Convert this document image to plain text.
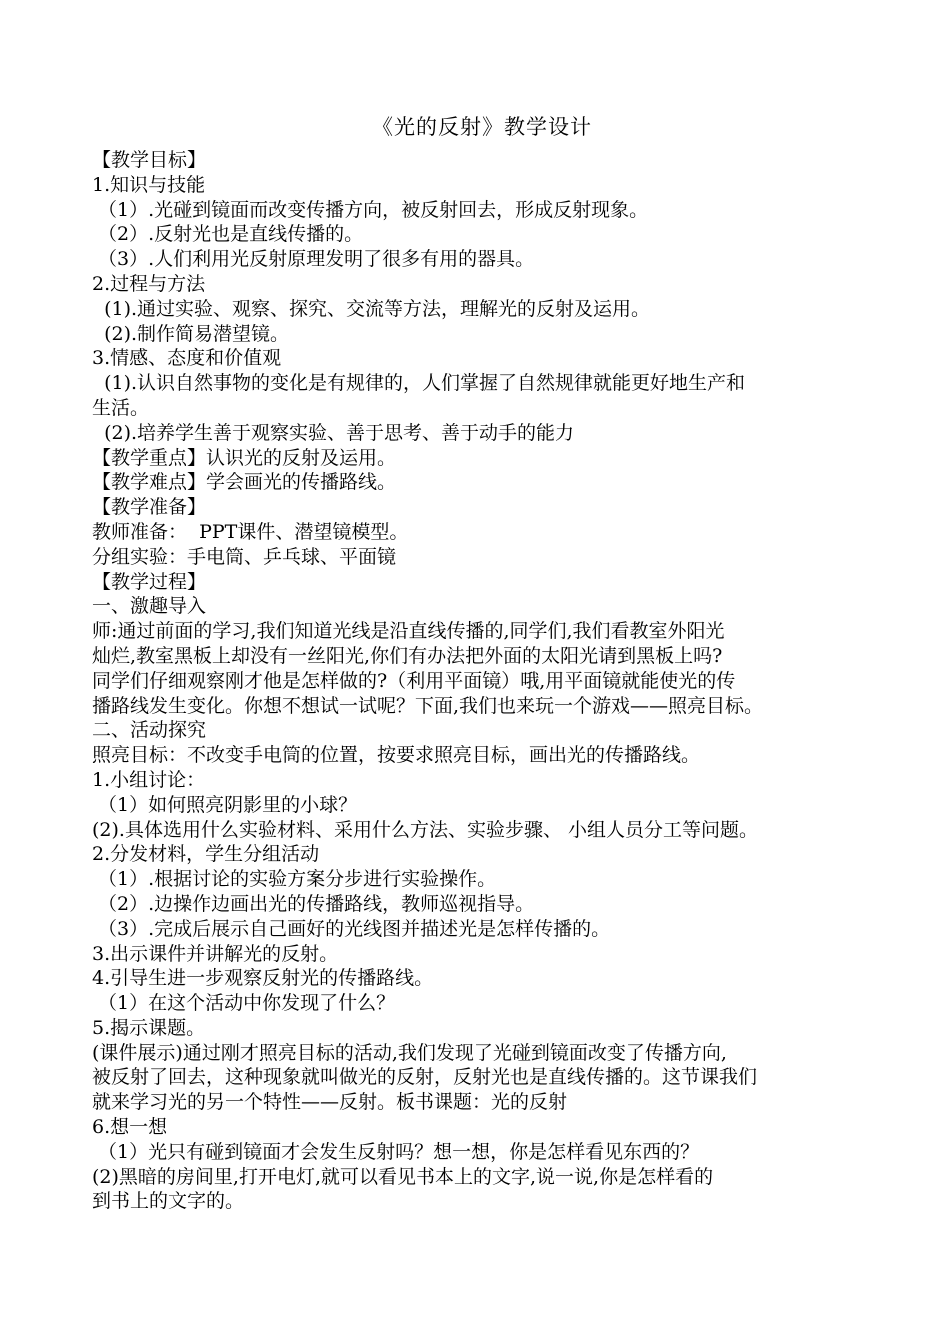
《光的反射》教学设计
【教学目标】
1.知识与技能
（1）.光碰到镜面而改变传播方向，被反射回去，形成反射现象。
（2）.反射光也是直线传播的。
（3）.人们利用光反射原理发明了很多有用的器具。
2.过程与方法
(1).通过实验、观察、探究、交流等方法，理解光的反射及运用。
(2).制作简易潜望镜。
3.情感、态度和价值观
(1).认识自然事物的变化是有规律的，人们掌握了自然规律就能更好地生产和
生活。
(2).培养学生善于观察实验、善于思考、善于动手的能力
【教学重点】认识光的反射及运用。
【教学难点】学会画光的传播路线。
【教学准备】
教师准备：  PPT课件、潜望镜模型。
分组实验：手电筒、乒乓球、平面镜
【教学过程】
一、激趣导入
师:通过前面的学习,我们知道光线是沿直线传播的,同学们,我们看教室外阳光
灿烂,教室黑板上却没有一丝阳光,你们有办法把外面的太阳光请到黑板上吗?
同学们仔细观察刚才他是怎样做的?（利用平面镜）哦,用平面镜就能使光的传
播路线发生变化。你想不想试一试呢？下面,我们也来玩一个游戏——照亮目标。
二、活动探究
照亮目标：不改变手电筒的位置，按要求照亮目标，画出光的传播路线。
1.小组讨论：
（1）如何照亮阴影里的小球？
(2).具体选用什么实验材料、采用什么方法、实验步骤、 小组人员分工等问题。
2.分发材料，学生分组活动
（1）.根据讨论的实验方案分步进行实验操作。
（2）.边操作边画出光的传播路线，教师巡视指导。
（3）.完成后展示自己画好的光线图并描述光是怎样传播的。
3.出示课件并讲解光的反射。
4.引导生进一步观察反射光的传播路线。
（1）在这个活动中你发现了什么？
5.揭示课题。
(课件展示)通过刚才照亮目标的活动,我们发现了光碰到镜面改变了传播方向,
被反射了回去，这种现象就叫做光的反射，反射光也是直线传播的。这节课我们
就来学习光的另一个特性——反射。板书课题：光的反射
6.想一想
（1）光只有碰到镜面才会发生反射吗？想一想，你是怎样看见东西的？
(2)黑暗的房间里,打开电灯,就可以看见书本上的文字,说一说,你是怎样看的
到书上的文字的。
